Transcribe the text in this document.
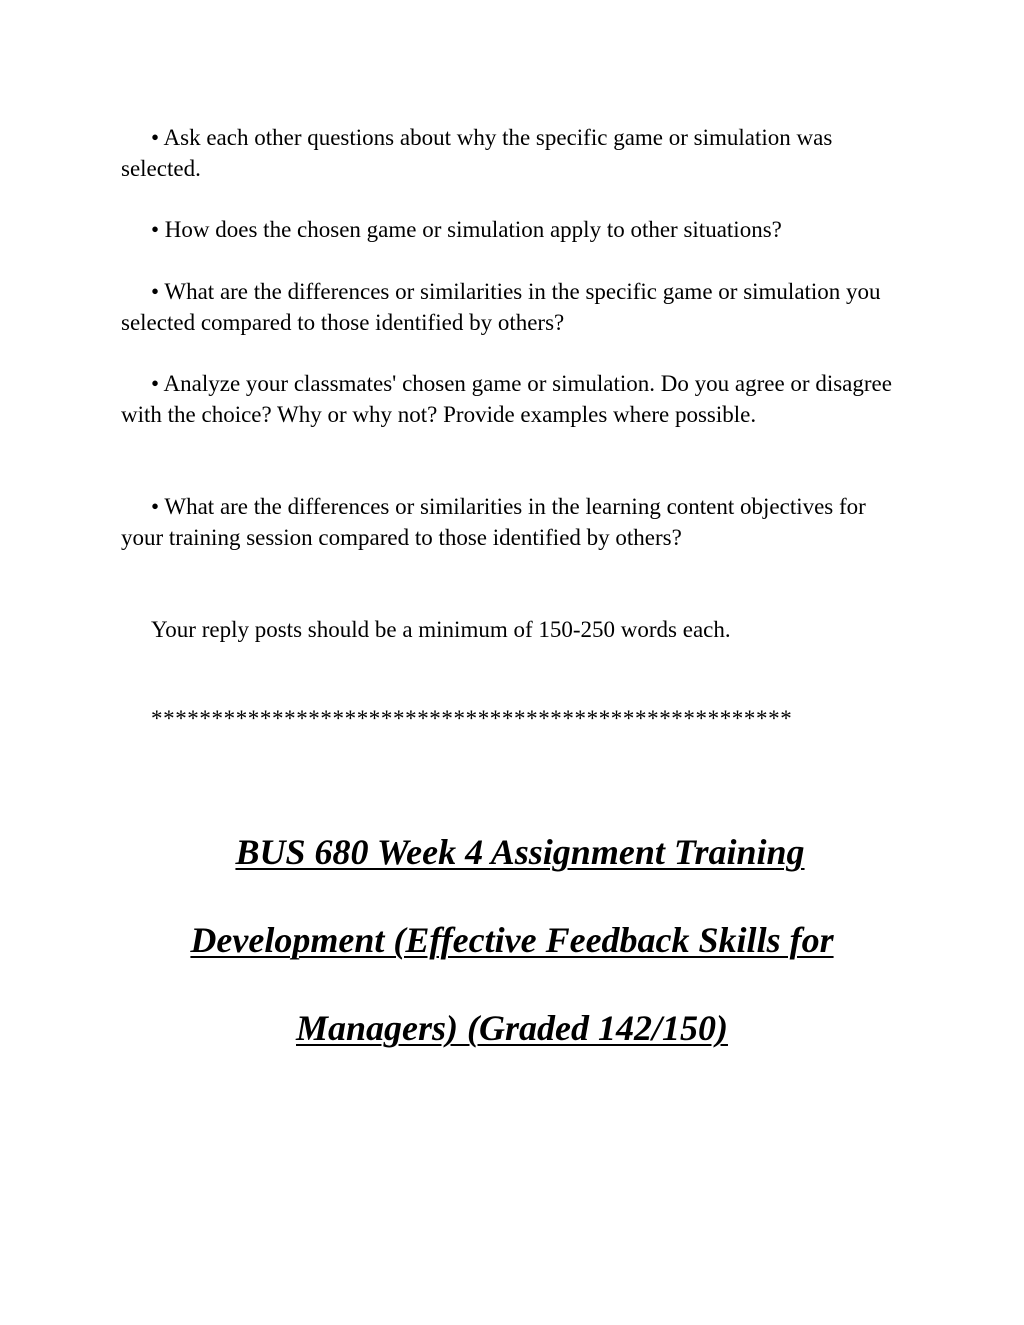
• Ask each other questions about why the specific game or simulation was selected.

• How does the chosen game or simulation apply to other situations?

• What are the differences or similarities in the specific game or simulation you selected compared to those identified by others?

• Analyze your classmates' chosen game or simulation. Do you agree or disagree with the choice? Why or why not? Provide examples where possible.

• What are the differences or similarities in the learning content objectives for your training session compared to those identified by others?

Your reply posts should be a minimum of 150-250 words each.

*****************************************************

BUS 680 Week 4 Assignment Training
Development (Effective Feedback Skills for
Managers) (Graded 142/150)
